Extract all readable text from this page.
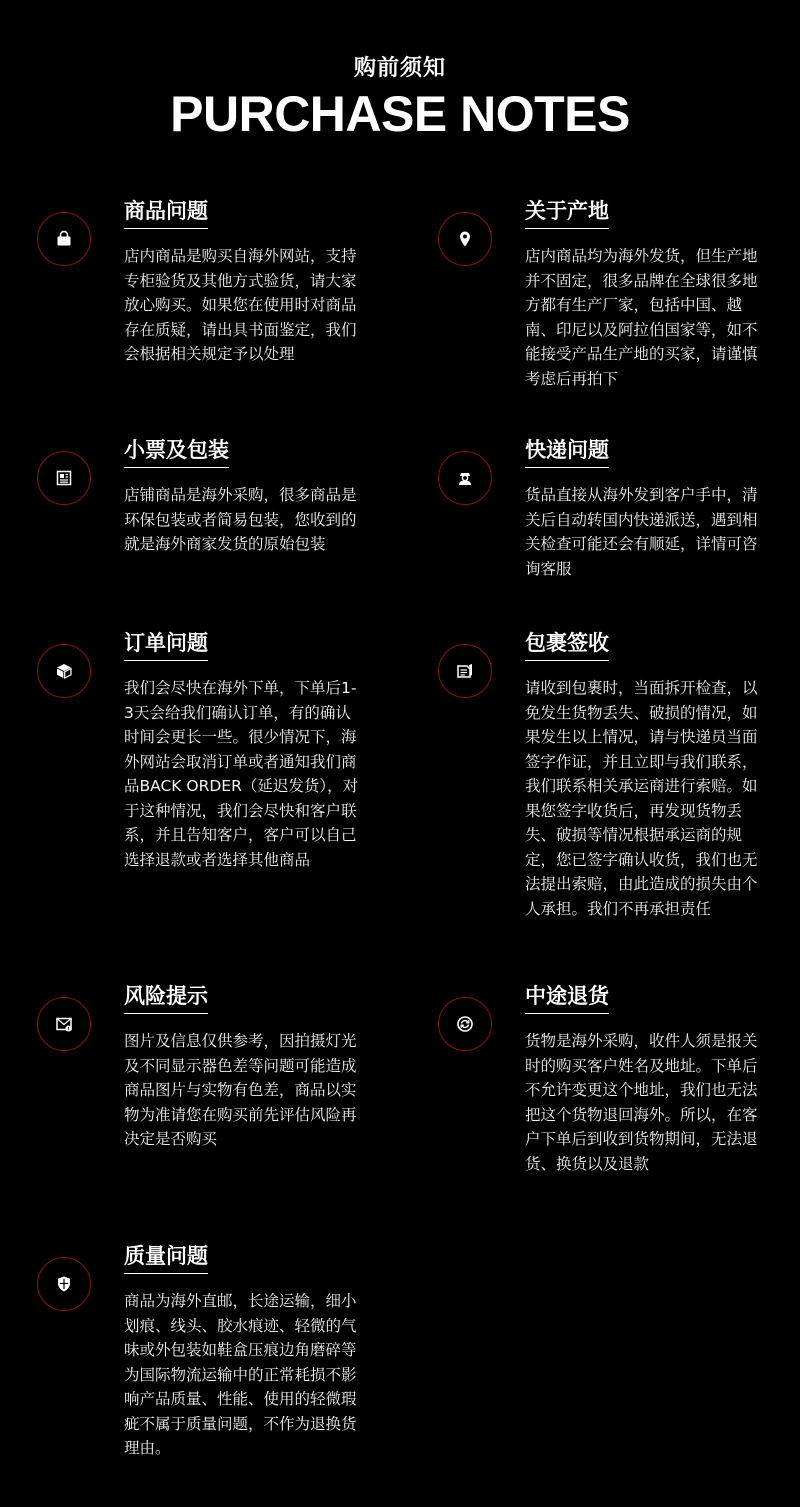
购前须知
PURCHASE NOTES
商品问题
店内商品是购买自海外网站，支持专柜验货及其他方式验货，请大家放心购买。如果您在使用时对商品存在质疑，请出具书面鉴定，我们会根据相关规定予以处理
关于产地
店内商品均为海外发货，但生产地并不固定，很多品牌在全球很多地方都有生产厂家，包括中国、越南、印尼以及阿拉伯国家等，如不能接受产品生产地的买家，请谨慎考虑后再拍下
小票及包装
店铺商品是海外采购，很多商品是环保包装或者简易包装，您收到的就是海外商家发货的原始包装
快递问题
货品直接从海外发到客户手中，清关后自动转国内快递派送，遇到相关检查可能还会有顺延，详情可咨询客服
订单问题
我们会尽快在海外下单，下单后1-3天会给我们确认订单，有的确认时间会更长一些。很少情况下，海外网站会取消订单或者通知我们商品BACK ORDER（延迟发货），对于这种情况，我们会尽快和客户联系，并且告知客户，客户可以自己选择退款或者选择其他商品
包裹签收
请收到包裹时，当面拆开检查，以免发生货物丢失、破损的情况，如果发生以上情况，请与快递员当面签字作证，并且立即与我们联系，我们联系相关承运商进行索赔。如果您签字收货后，再发现货物丢失、破损等情况根据承运商的规定，您已签字确认收货，我们也无法提出索赔，由此造成的损失由个人承担。我们不再承担责任
风险提示
图片及信息仅供参考，因拍摄灯光及不同显示器色差等问题可能造成商品图片与实物有色差，商品以实物为准请您在购买前先评估风险再决定是否购买
中途退货
货物是海外采购，收件人须是报关时的购买客户姓名及地址。下单后不允许变更这个地址，我们也无法把这个货物退回海外。所以，在客户下单后到收到货物期间，无法退货、换货以及退款
质量问题
商品为海外直邮，长途运输，细小划痕、线头、胶水痕迹、轻微的气味或外包装如鞋盒压痕边角磨碎等为国际物流运输中的正常耗损不影响产品质量、性能、使用的轻微瑕疵不属于质量问题，不作为退换货理由。
